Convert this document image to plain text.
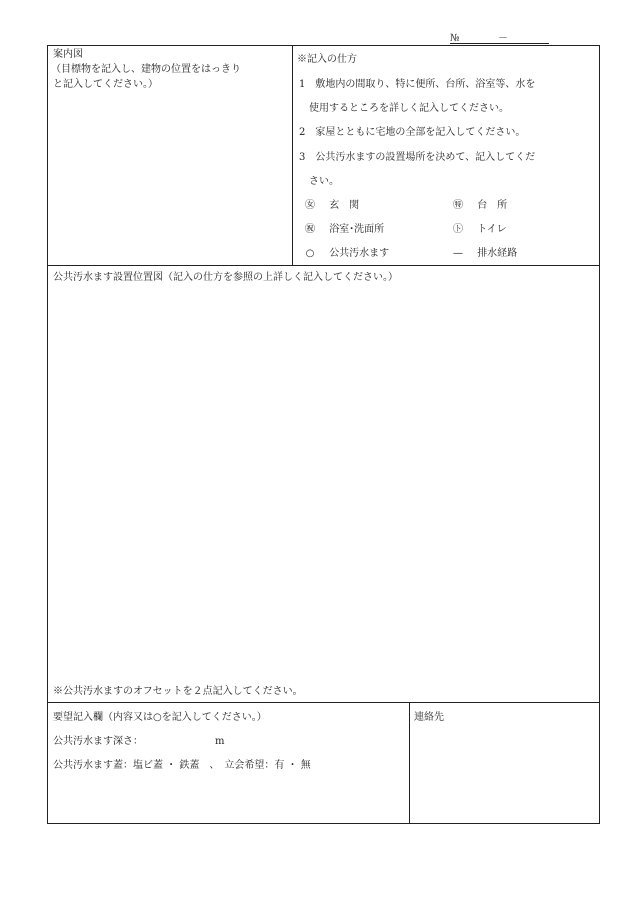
№	－
案内図
（目標物を記入し、建物の位置をはっきり
と記入してください。）
※記入の仕方
1　敷地内の間取り、特に便所、台所、浴室等、水を
使用するところを詳しく記入してください。
2　家屋とともに宅地の全部を記入してください。
3　公共汚水ますの設置場所を決めて、記入してくだ
さい。
㊛ 玄　関	㊕ 台　所
㊗ 浴室･洗面所	㋣ トイレ
○ 公共汚水ます	— 排水経路
公共汚水ます設置位置図（記入の仕方を参照の上詳しく記入してください。）
※公共汚水ますのオフセットを２点記入してください。
要望記入欄（内容又は○を記入してください。）
公共汚水ます深さ：	m
公共汚水ます蓋：塩ビ蓋 ・ 鉄蓋　、　立会希望：有 ・ 無
連絡先
